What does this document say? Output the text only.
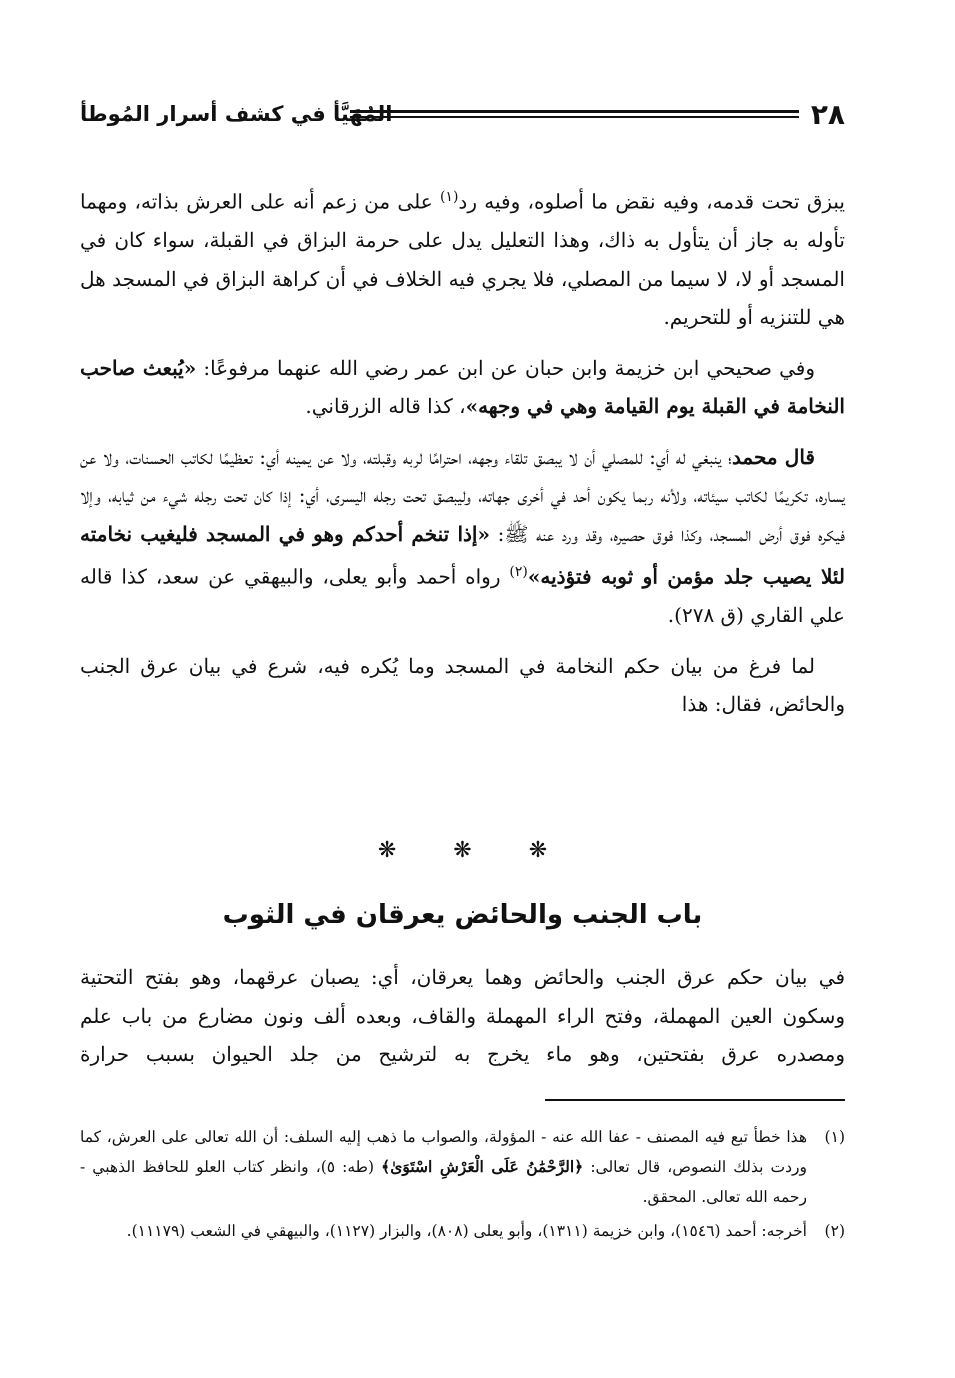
المُهَيَّأ في كشف أسرار المُوطأ	٢٨

يبزق تحت قدمه، وفيه نقض ما أصلوه، وفيه رد$^{(١)}$ على من زعم أنه على العرش بذاته، ومهما تأوله به جاز أن يتأول به ذاك، وهذا التعليل يدل على حرمة البزاق في القبلة، سواء كان في المسجد أو لا، لا سيما من المصلي، فلا يجري فيه الخلاف في أن كراهة البزاق في المسجد هل هي للتنزيه أو للتحريم.

وفي صحيحي ابن خزيمة وابن حبان عن ابن عمر رضي الله عنهما مرفوعًا: «يُبعث صاحب النخامة في القبلة يوم القيامة وهي في وجهه»، كذا قاله الزرقاني.

قال محمد؛ ينبغي له أي: للمصلي أن لا يبصق تلقاء وجهه، احترامًا لربه وقبلته، ولا عن يمينه أي: تعظيمًا لكاتب الحسنات، ولا عن يساره، تكريمًا لكاتب سيئاته، ولأنه ربما يكون أحد في أخرى جهاته، وليبصق تحت رجله اليسرى، أي: إذا كان تحت رجله شيء من ثيابه، وإلا فيكره فوق أرض المسجد، وكذا فوق حصيره، وقد ورد عنه ﷺ: «إذا تنخم أحدكم وهو في المسجد فليغيب نخامته لئلا يصيب جلد مؤمن أو ثوبه فتؤذيه»$^{(٢)}$ رواه أحمد وأبو يعلى، والبيهقي عن سعد، كذا قاله علي القاري (ق ٢٧٨).

لما فرغ من بيان حكم النخامة في المسجد وما يُكره فيه، شرع في بيان عرق الجنب والحائض، فقال: هذا

❋ ❋ ❋
باب الجنب والحائض يعرقان في الثوب
في بيان حكم عرق الجنب والحائض وهما يعرقان، أي: يصبان عرقهما، وهو بفتح التحتية وسكون العين المهملة، وفتح الراء المهملة والقاف، وبعده ألف ونون مضارع من باب علم ومصدره عرق بفتحتين، وهو ماء يخرج به لترشيح من جلد الحيوان بسبب حرارة
(١)
هذا خطأ تبع فيه المصنف - عفا الله عنه - المؤولة، والصواب ما ذهب إليه السلف: أن الله تعالى على العرش، كما وردت بذلك النصوص، قال تعالى: ﴿الرَّحْمَٰنُ عَلَى الْعَرْشِ اسْتَوَىٰ﴾ (طه: ٥)، وانظر كتاب العلو للحافظ الذهبي - رحمه الله تعالى. المحقق.
(٢)
أخرجه: أحمد (١٥٤٦)، وابن خزيمة (١٣١١)، وأبو يعلى (٨٠٨)، والبزار (١١٢٧)، والبيهقي في الشعب (١١١٧٩).
